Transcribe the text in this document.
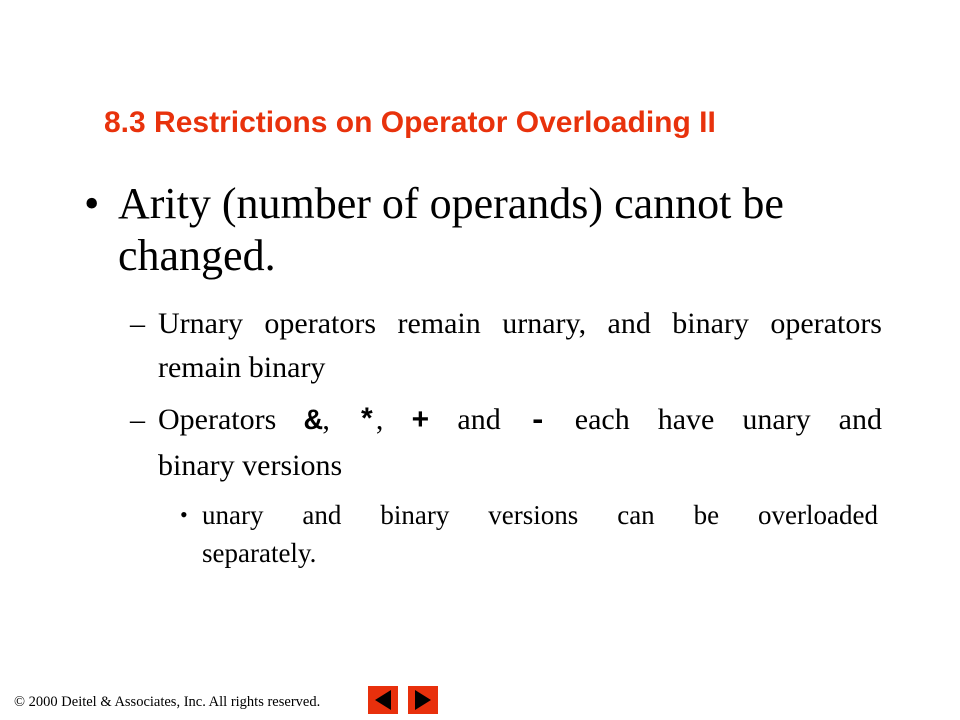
8.3 Restrictions on Operator Overloading II
• Arity (number of operands) cannot be changed.
– Urnary operators remain urnary, and binary operators remain binary
– Operators &, *, + and - each have unary and
binary versions
• unary and binary versions can be overloaded
separately.
© 2000 Deitel & Associates, Inc. All rights reserved.
